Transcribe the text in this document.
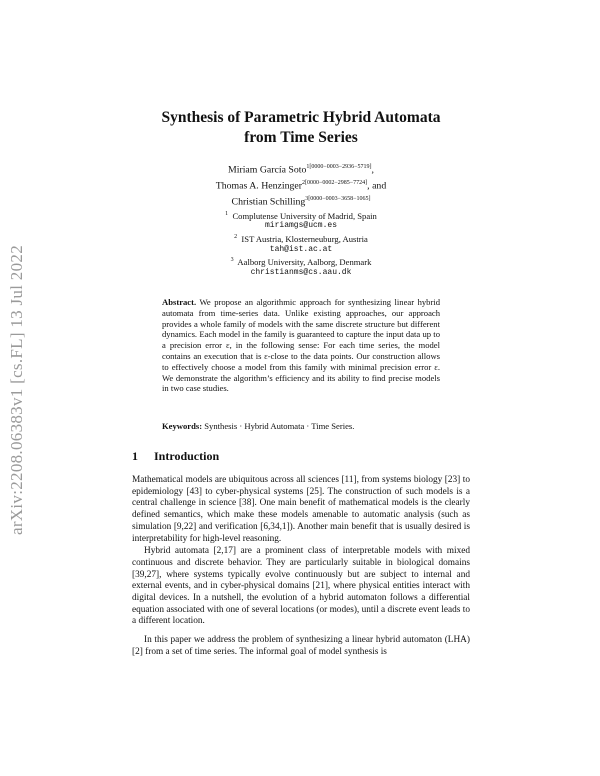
arXiv:2208.06383v1 [cs.FL] 13 Jul 2022
Synthesis of Parametric Hybrid Automata
from Time Series
Miriam García Soto$^{1[0000-0003-2936-5719]}$,
Thomas A. Henzinger$^{2[0000-0002-2985-7724]}$, and
Christian Schilling$^{3[0000-0003-3658-1065]}$
$^1$ Complutense University of Madrid, Spain
miriamgs@ucm.es
$^2$ IST Austria, Klosterneuburg, Austria
tah@ist.ac.at
$^3$ Aalborg University, Aalborg, Denmark
christianms@cs.aau.dk
Abstract. We propose an algorithmic approach for synthesizing linear hybrid automata from time-series data. Unlike existing approaches, our approach provides a whole family of models with the same discrete structure but different dynamics. Each model in the family is guaranteed to capture the input data up to a precision error ε, in the following sense: For each time series, the model contains an execution that is ε-close to the data points. Our construction allows to effectively choose a model from this family with minimal precision error ε. We demonstrate the algorithm’s efficiency and its ability to find precise models in two case studies.
Keywords: Synthesis · Hybrid Automata · Time Series.
1 Introduction

Mathematical models are ubiquitous across all sciences [11], from systems biology [23] to epidemiology [43] to cyber-physical systems [25]. The construction of such models is a central challenge in science [38]. One main benefit of mathematical models is the clearly defined semantics, which make these models amenable to automatic analysis (such as simulation [9,22] and verification [6,34,1]). Another main benefit that is usually desired is interpretability for high-level reasoning.

Hybrid automata [2,17] are a prominent class of interpretable models with mixed continuous and discrete behavior. They are particularly suitable in biological domains [39,27], where systems typically evolve continuously but are subject to internal and external events, and in cyber-physical domains [21], where physical entities interact with digital devices. In a nutshell, the evolution of a hybrid automaton follows a differential equation associated with one of several locations (or modes), until a discrete event leads to a different location.

In this paper we address the problem of synthesizing a linear hybrid automaton (LHA) [2] from a set of time series. The informal goal of model synthesis is
